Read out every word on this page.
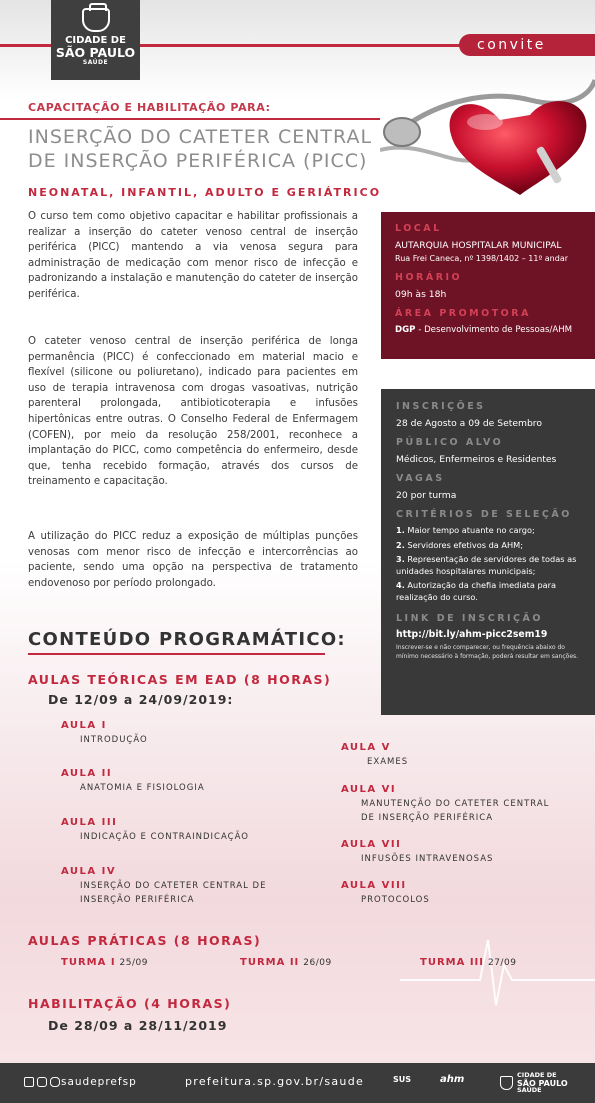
CIDADE DE
SÃO PAULO
SAÚDE
convite
CAPACITAÇÃO E HABILITAÇÃO PARA:
INSERÇÃO DO CATETER CENTRAL
DE INSERÇÃO PERIFÉRICA (PICC)
NEONATAL, INFANTIL, ADULTO E GERIÁTRICO
O curso tem como objetivo capacitar e habilitar profissionais a realizar a inserção do cateter venoso central de inserção periférica (PICC) mantendo a via venosa segura para administração de medicação com menor risco de infecção e padronizando a instalação e manutenção do cateter de inserção periférica.
O cateter venoso central de inserção periférica de longa permanência (PICC) é confeccionado em material macio e flexível (silicone ou poliuretano), indicado para pacientes em uso de terapia intravenosa com drogas vasoativas, nutrição parenteral prolongada, antibioticoterapia e infusões hipertônicas entre outras. O Conselho Federal de Enfermagem (COFEN), por meio da resolução 258/2001, reconhece a implantação do PICC, como competência do enfermeiro, desde que, tenha recebido formação, através dos cursos de treinamento e capacitação.
A utilização do PICC reduz a exposição de múltiplas punções venosas com menor risco de infecção e intercorrências ao paciente, sendo uma opção na perspectiva de tratamento endovenoso por período prolongado.
LOCAL
AUTARQUIA HOSPITALAR MUNICIPAL
Rua Frei Caneca, nº 1398/1402 – 11º andar
HORÁRIO
09h às 18h
ÁREA PROMOTORA
DGP - Desenvolvimento de Pessoas/AHM
INSCRIÇÕES
28 de Agosto a 09 de Setembro
PÚBLICO ALVO
Médicos, Enfermeiros e Residentes
VAGAS
20 por turma
CRITÉRIOS DE SELEÇÃO
1. Maior tempo atuante no cargo;
2. Servidores efetivos da AHM;
3. Representação de servidores de todas as unidades hospitalares municipais;
4. Autorização da chefia imediata para realização do curso.
LINK DE INSCRIÇÃO
http://bit.ly/ahm-picc2sem19
Inscrever-se e não comparecer, ou frequência abaixo do mínimo necessário à formação, poderá resultar em sanções.
CONTEÚDO PROGRAMÁTICO:
AULAS TEÓRICAS EM EAD (8 HORAS)
De 12/09 a 24/09/2019:
AULA I
INTRODUÇÃO
AULA II
ANATOMIA E FISIOLOGIA
AULA III
INDICAÇÃO E CONTRAINDICAÇÃO
AULA IV
INSERÇÃO DO CATETER CENTRAL DE
INSERÇÃO PERIFÉRICA
AULA V
EXAMES
AULA VI
MANUTENÇÃO DO CATETER CENTRAL
DE INSERÇÃO PERIFÉRICA
AULA VII
INFUSÕES INTRAVENOSAS
AULA VIII
PROTOCOLOS
AULAS PRÁTICAS (8 HORAS)
TURMA I 25/09	TURMA II 26/09	TURMA III 27/09
HABILITAÇÃO (4 HORAS)
De 28/09 a 28/11/2019
saudeprefsp	prefeitura.sp.gov.br/saude	SUS	ahm	CIDADE DE
SÃO PAULO
SAÚDE
